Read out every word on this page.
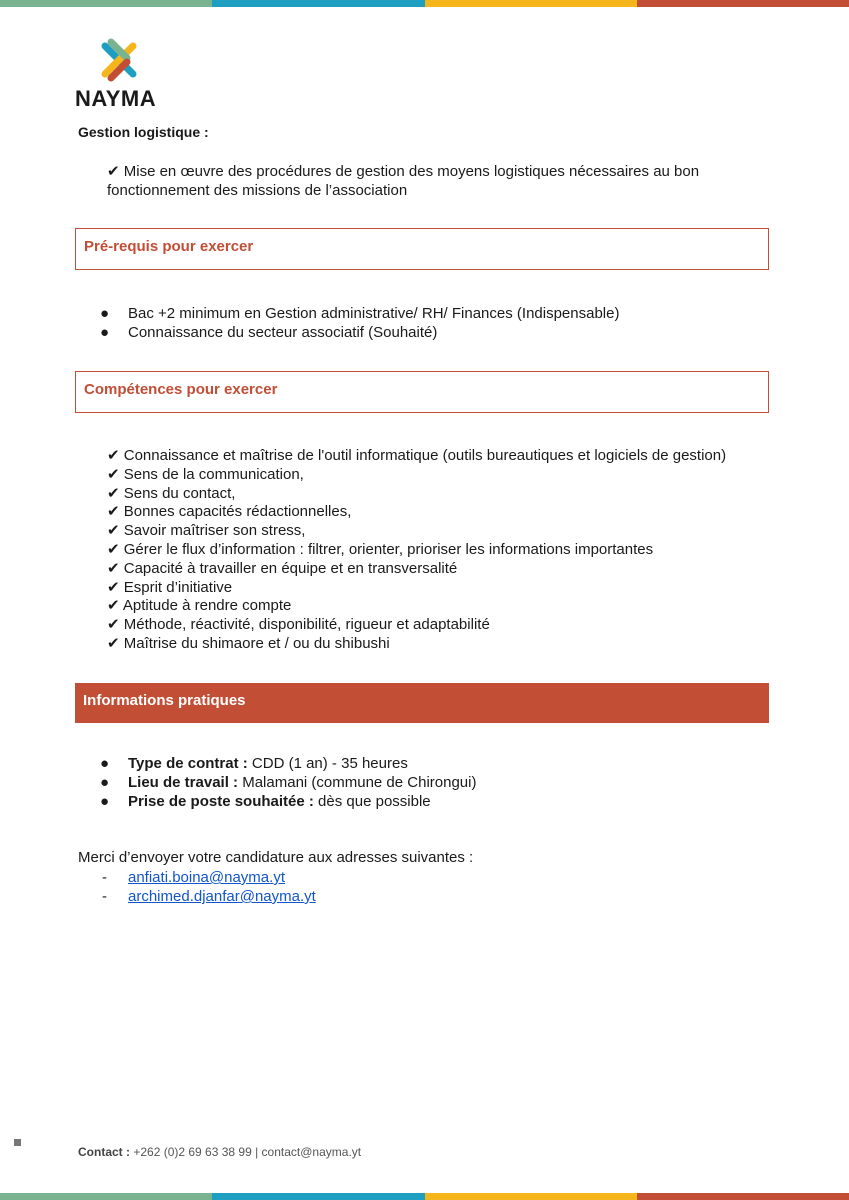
NAYMA
Gestion logistique :
✔ Mise en œuvre des procédures de gestion des moyens logistiques nécessaires au bon fonctionnement des missions de l’association
Pré-requis pour exercer
● Bac +2 minimum en Gestion administrative/ RH/ Finances (Indispensable)
● Connaissance du secteur associatif (Souhaité)
Compétences pour exercer
✔ Connaissance et maîtrise de l'outil informatique (outils bureautiques et logiciels de gestion)
✔ Sens de la communication,
✔ Sens du contact,
✔ Bonnes capacités rédactionnelles,
✔ Savoir maîtriser son stress,
✔ Gérer le flux d’information : filtrer, orienter, prioriser les informations importantes
✔ Capacité à travailler en équipe et en transversalité
✔ Esprit d’initiative
✔ Aptitude à rendre compte
✔ Méthode, réactivité, disponibilité, rigueur et adaptabilité
✔ Maîtrise du shimaore et / ou du shibushi
Informations pratiques
● Type de contrat : CDD (1 an) - 35 heures
● Lieu de travail : Malamani (commune de Chirongui)
● Prise de poste souhaitée : dès que possible
Merci d’envoyer votre candidature aux adresses suivantes :
- anfiati.boina@nayma.yt
- archimed.djanfar@nayma.yt
Contact : +262 (0)2 69 63 38 99 | contact@nayma.yt
